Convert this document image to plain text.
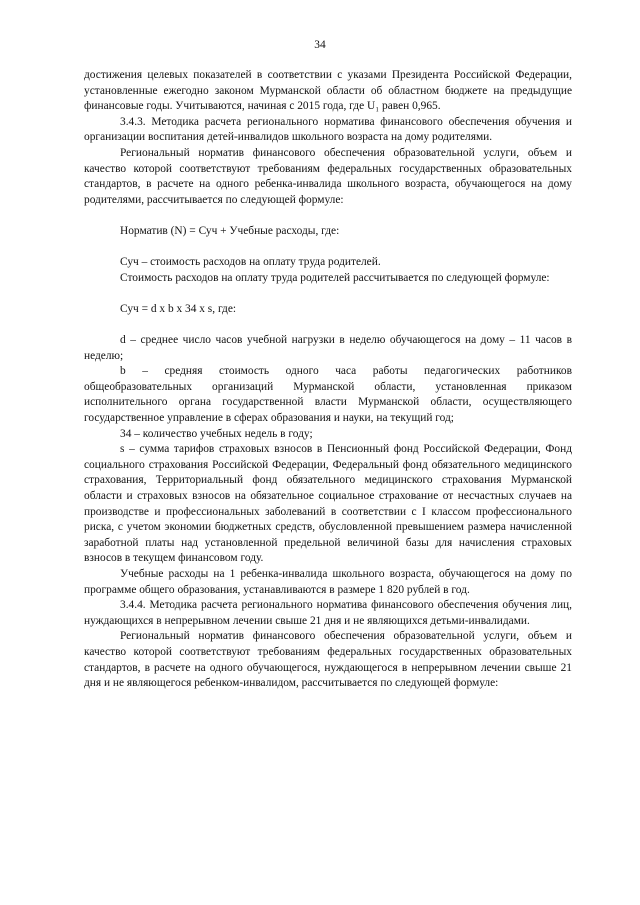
34

достижения целевых показателей в соответствии с указами Президента Российской Федерации, установленные ежегодно законом Мурманской области об областном бюджете на предыдущие финансовые годы. Учитываются, начиная с 2015 года, где U₁ равен 0,965.

3.4.3. Методика расчета регионального норматива финансового обеспечения обучения и организации воспитания детей-инвалидов школьного возраста на дому родителями.

Региональный норматив финансового обеспечения образовательной услуги, объем и качество которой соответствуют требованиям федеральных государственных образовательных стандартов, в расчете на одного ребенка-инвалида школьного возраста, обучающегося на дому родителями, рассчитывается по следующей формуле:

Норматив (N) = Суч + Учебные расходы, где:

Суч – стоимость расходов на оплату труда родителей.

Стоимость расходов на оплату труда родителей рассчитывается по следующей формуле:

Суч = d x b x 34 x s, где:

d – среднее число часов учебной нагрузки в неделю обучающегося на дому – 11 часов в неделю;

b – средняя стоимость одного часа работы педагогических работников общеобразовательных организаций Мурманской области, установленная приказом исполнительного органа государственной власти Мурманской области, осуществляющего государственное управление в сферах образования и науки, на текущий год;

34 – количество учебных недель в году;

s – сумма тарифов страховых взносов в Пенсионный фонд Российской Федерации, Фонд социального страхования Российской Федерации, Федеральный фонд обязательного медицинского страхования, Территориальный фонд обязательного медицинского страхования Мурманской области и страховых взносов на обязательное социальное страхование от несчастных случаев на производстве и профессиональных заболеваний в соответствии с I классом профессионального риска, с учетом экономии бюджетных средств, обусловленной превышением размера начисленной заработной платы над установленной предельной величиной базы для начисления страховых взносов в текущем финансовом году.

Учебные расходы на 1 ребенка-инвалида школьного возраста, обучающегося на дому по программе общего образования, устанавливаются в размере 1 820 рублей в год.

3.4.4. Методика расчета регионального норматива финансового обеспечения обучения лиц, нуждающихся в непрерывном лечении свыше 21 дня и не являющихся детьми-инвалидами.

Региональный норматив финансового обеспечения образовательной услуги, объем и качество которой соответствуют требованиям федеральных государственных образовательных стандартов, в расчете на одного обучающегося, нуждающегося в непрерывном лечении свыше 21 дня и не являющегося ребенком-инвалидом, рассчитывается по следующей формуле:
